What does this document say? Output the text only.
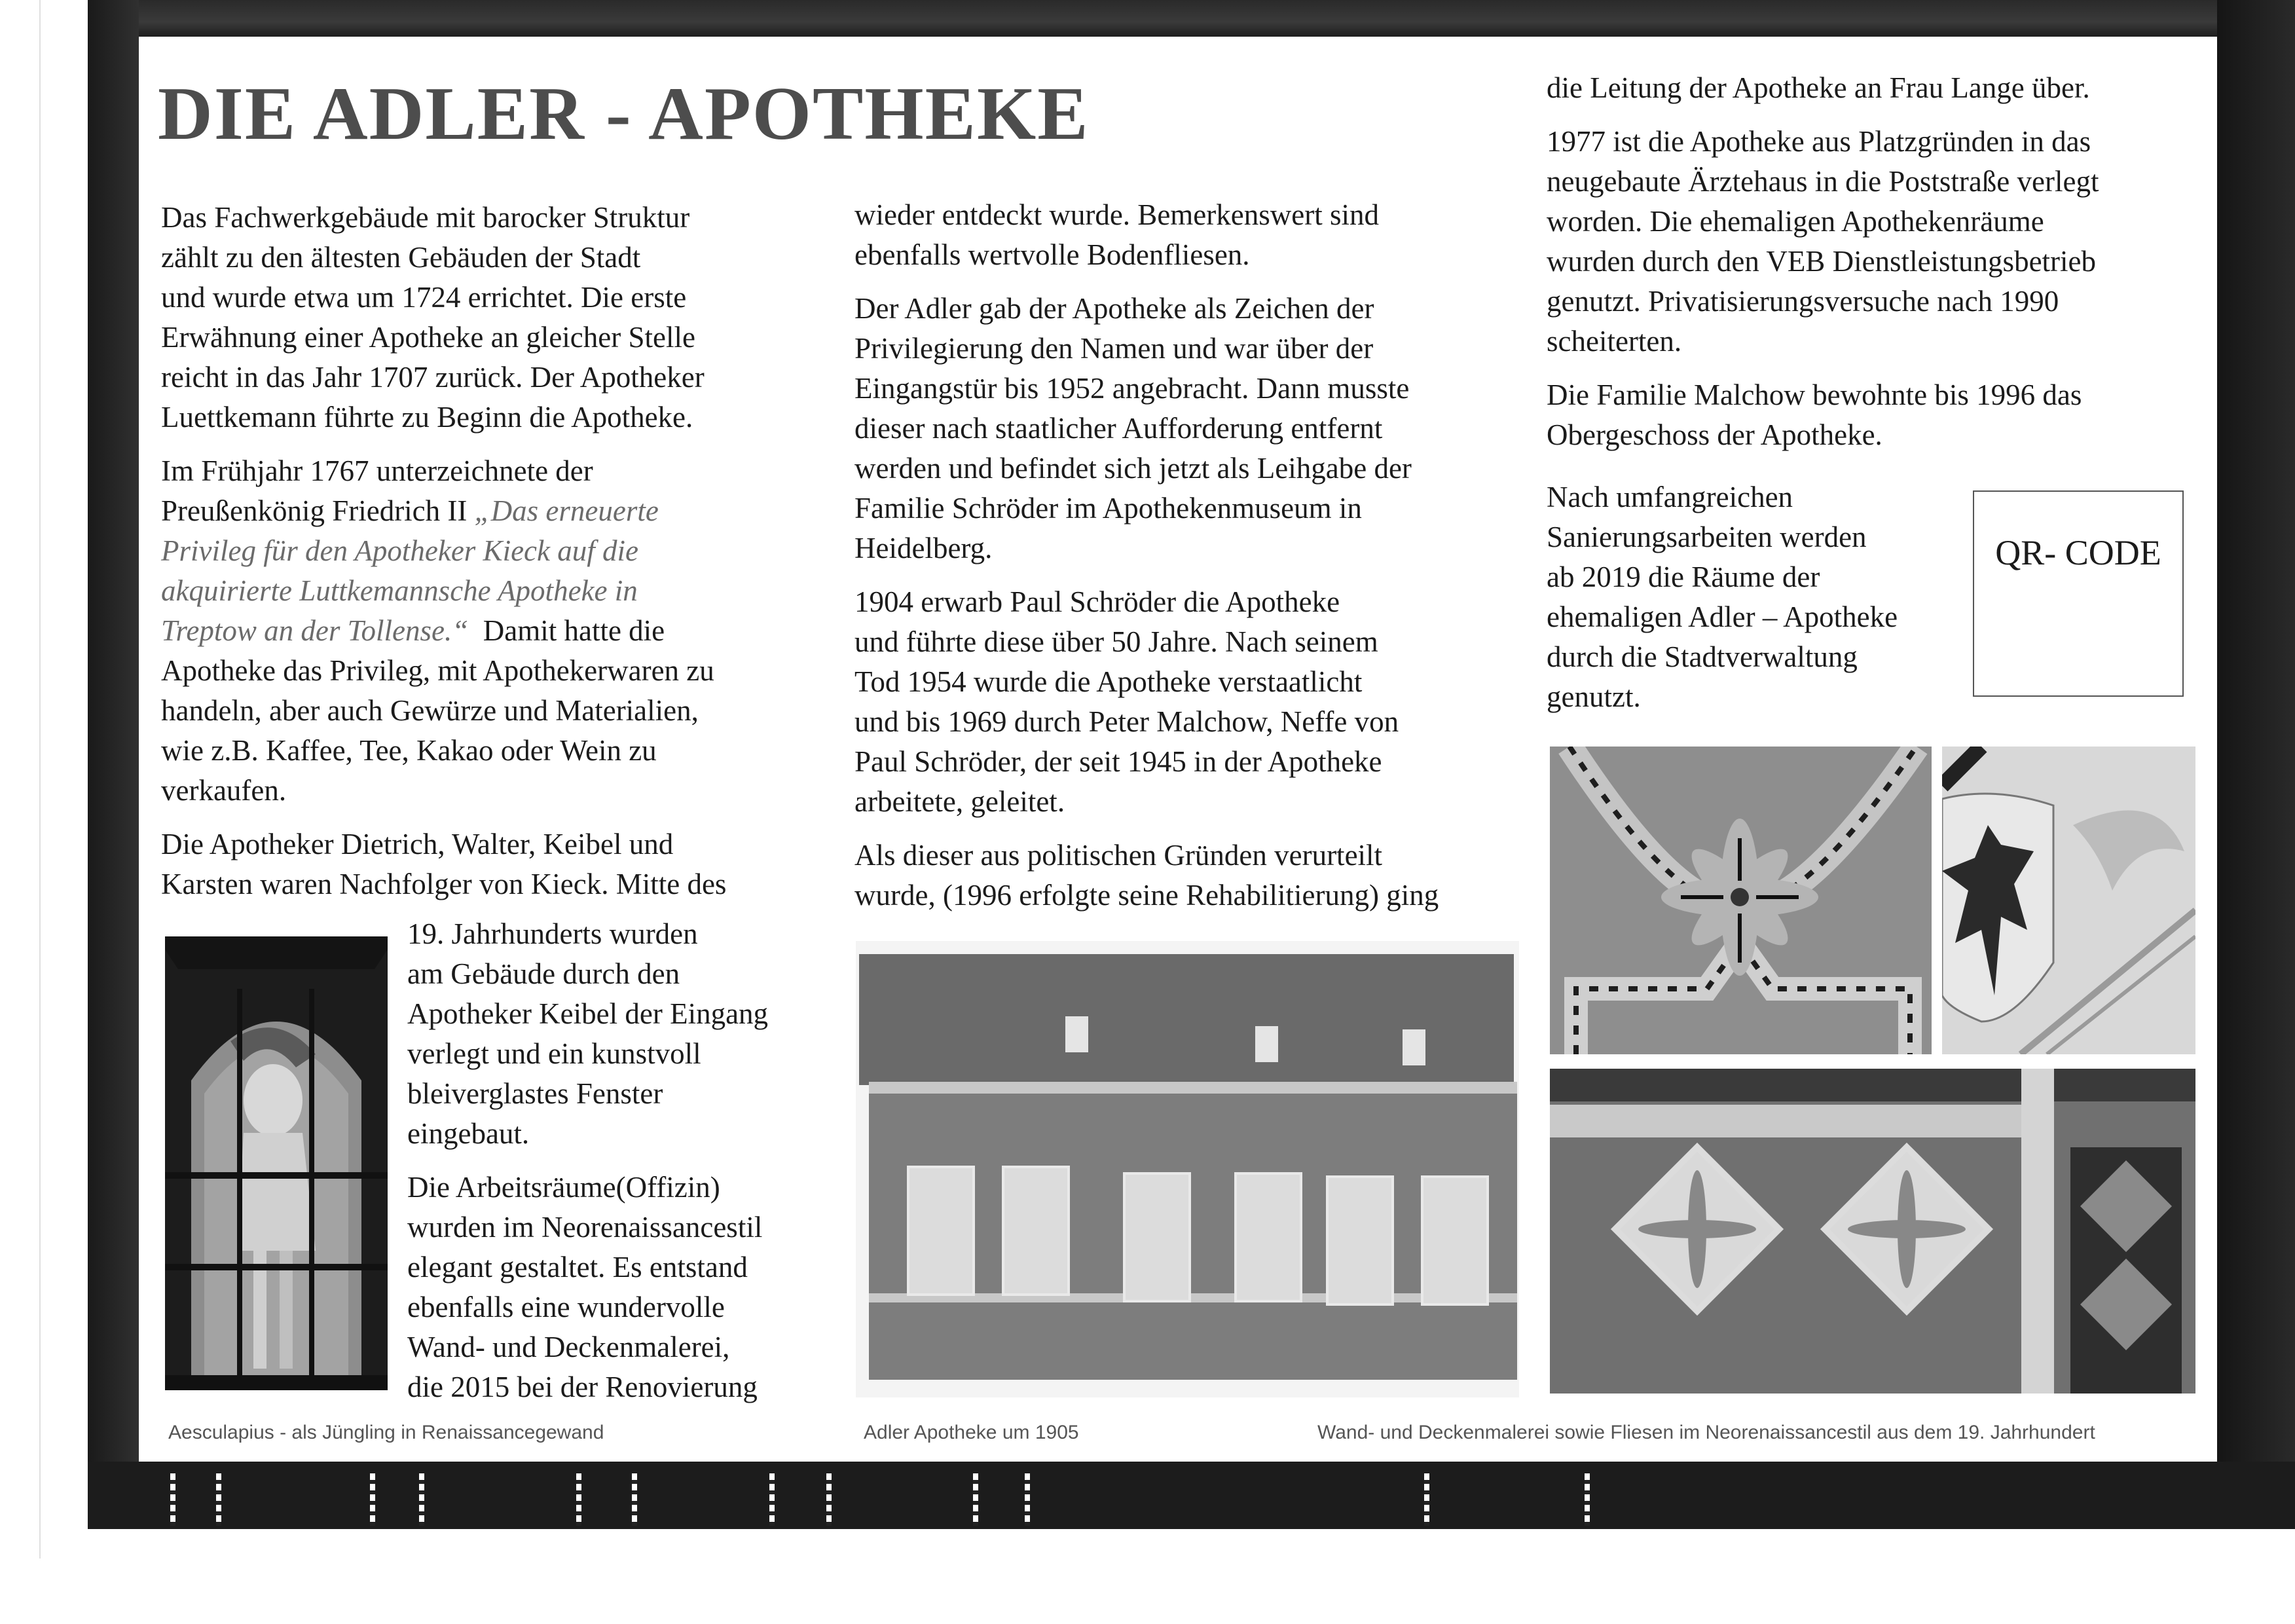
DIE ADLER - APOTHEKE

Das Fachwerkgebäude mit barocker Struktur
zählt zu den ältesten Gebäuden der Stadt
und wurde etwa um 1724 errichtet. Die erste
Erwähnung einer Apotheke an gleicher Stelle
reicht in das Jahr 1707 zurück. Der Apotheker
Luettkemann führte zu Beginn die Apotheke.

Im Frühjahr 1767 unterzeichnete der
Preußenkönig Friedrich II „Das erneuerte
Privileg für den Apotheker Kieck auf die
akquirierte Luttkemannsche Apotheke in
Treptow an der Tollense.“  Damit hatte die
Apotheke das Privileg, mit Apothekerwaren zu
handeln, aber auch Gewürze und Materialien,
wie z.B. Kaffee, Tee, Kakao oder Wein zu
verkaufen.

Die Apotheker Dietrich, Walter, Keibel und
Karsten waren Nachfolger von Kieck. Mitte des

19. Jahrhunderts wurden
am Gebäude durch den
Apotheker Keibel der Eingang
verlegt und ein kunstvoll
bleiverglastes Fenster
eingebaut.

Die Arbeitsräume(Offizin)
wurden im Neorenaissancestil
elegant gestaltet. Es entstand
ebenfalls eine wundervolle
Wand- und Deckenmalerei,
die 2015 bei der Renovierung

wieder entdeckt wurde. Bemerkenswert sind
ebenfalls wertvolle Bodenfliesen.

Der Adler gab der Apotheke als Zeichen der
Privilegierung den Namen und war über der
Eingangstür bis 1952 angebracht. Dann musste
dieser nach staatlicher Aufforderung entfernt
werden und befindet sich jetzt als Leihgabe der
Familie Schröder im Apothekenmuseum in
Heidelberg.

1904 erwarb Paul Schröder die Apotheke
und führte diese über 50 Jahre. Nach seinem
Tod 1954 wurde die Apotheke verstaatlicht
und bis 1969 durch Peter Malchow, Neffe von
Paul Schröder, der seit 1945 in der Apotheke
arbeitete, geleitet.

Als dieser aus politischen Gründen verurteilt
wurde, (1996 erfolgte seine Rehabilitierung) ging

die Leitung der Apotheke an Frau Lange über.

1977 ist die Apotheke aus Platzgründen in das
neugebaute Ärztehaus in die Poststraße verlegt
worden. Die ehemaligen Apothekenräume
wurden durch den VEB Dienstleistungsbetrieb
genutzt. Privatisierungsversuche nach 1990
scheiterten.

Die Familie Malchow bewohnte bis 1996 das
Obergeschoss der Apotheke.

Nach umfangreichen
Sanierungsarbeiten werden
ab 2019 die Räume der
ehemaligen Adler – Apotheke
durch die Stadtverwaltung
genutzt.
QR- CODE
Aesculapius - als Jüngling in Renaissancegewand	Adler Apotheke um 1905	Wand- und Deckenmalerei sowie Fliesen im Neorenaissancestil aus dem 19. Jahrhundert
